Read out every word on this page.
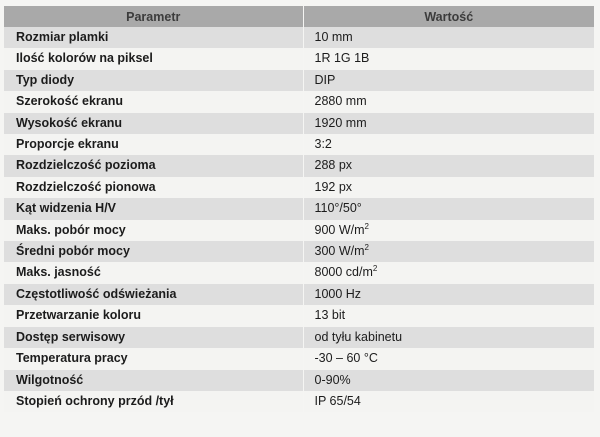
Parametr	Wartość
Rozmiar plamki	10 mm
Ilość kolorów na piksel	1R 1G 1B
Typ diody	DIP
Szerokość ekranu	2880 mm
Wysokość ekranu	1920 mm
Proporcje ekranu	3:2
Rozdzielczość pozioma	288 px
Rozdzielczość pionowa	192 px
Kąt widzenia H/V	110°/50°
Maks. pobór mocy	900 $W/m^2$
Średni pobór mocy	300 $W/m^2$
Maks. jasność	8000 $cd/m^2$
Częstotliwość odświeżania	1000 Hz
Przetwarzanie koloru	13 bit
Dostęp serwisowy	od tyłu kabinetu
Temperatura pracy	-30 – 60 °C
Wilgotność	0-90%
Stopień ochrony przód /tył	IP 65/54
